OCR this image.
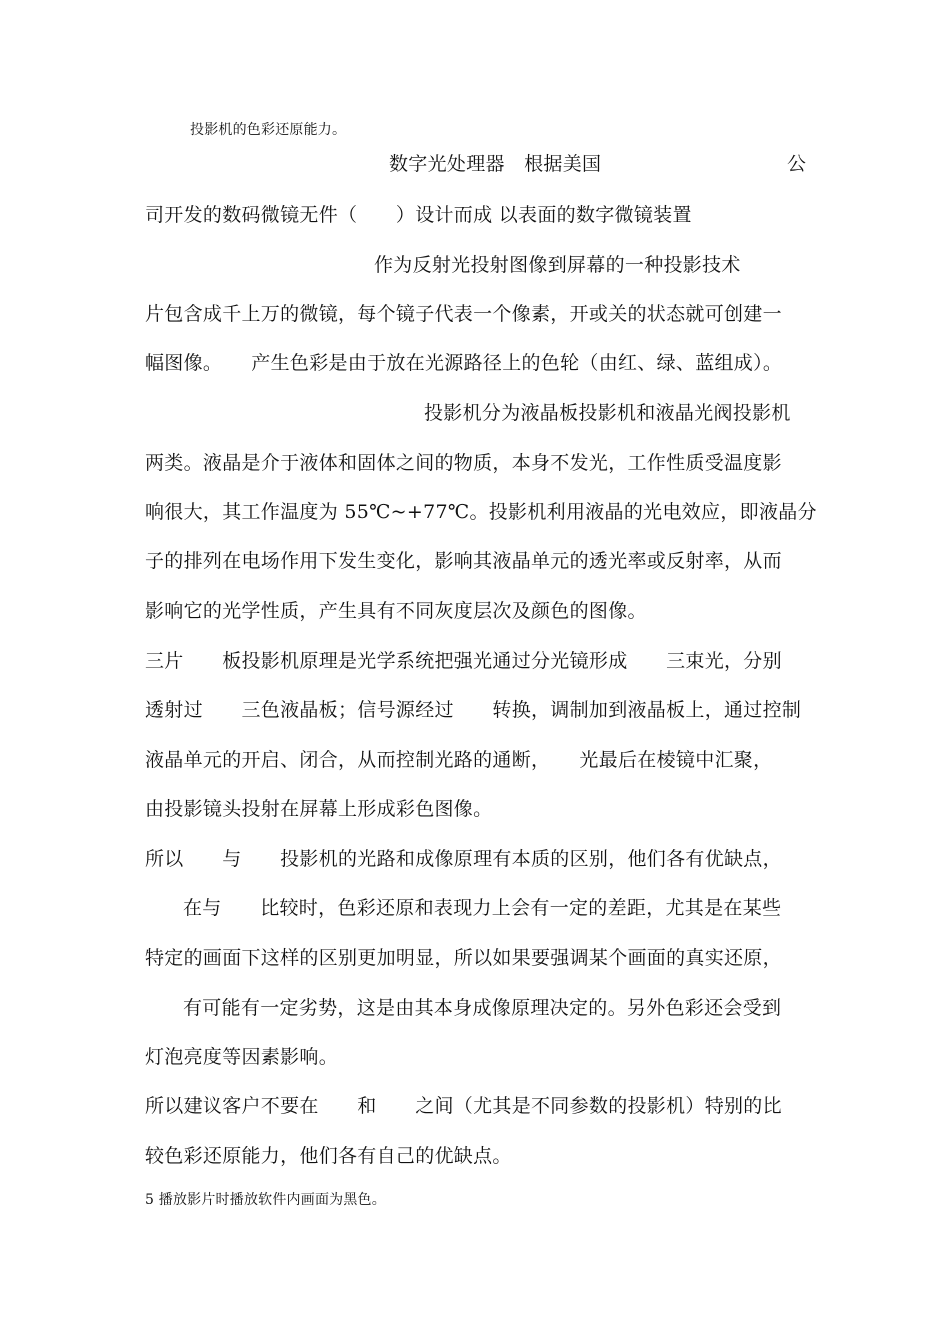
投影机的色彩还原能力。
数字光处理器　根据美国	公
司开发的数码微镜无件（　　）设计而成 以表面的数字微镜装置
作为反射光投射图像到屏幕的一种投影技术
片包含成千上万的微镜，每个镜子代表一个像素，开或关的状态就可创建一
幅图像。　　产生色彩是由于放在光源路径上的色轮（由红、绿、蓝组成）。
投影机分为液晶板投影机和液晶光阀投影机
两类。液晶是介于液体和固体之间的物质，本身不发光，工作性质受温度影
响很大，其工作温度为 55℃~+77℃。投影机利用液晶的光电效应，即液晶分
子的排列在电场作用下发生变化，影响其液晶单元的透光率或反射率，从而
影响它的光学性质，产生具有不同灰度层次及颜色的图像。
三片　　板投影机原理是光学系统把强光通过分光镜形成　　三束光，分别
透射过　　三色液晶板；信号源经过　　转换，调制加到液晶板上，通过控制
液晶单元的开启、闭合，从而控制光路的通断，　　光最后在棱镜中汇聚，
由投影镜头投射在屏幕上形成彩色图像。
所以　　与　　投影机的光路和成像原理有本质的区别，他们各有优缺点，
在与　　比较时，色彩还原和表现力上会有一定的差距，尤其是在某些
特定的画面下这样的区别更加明显，所以如果要强调某个画面的真实还原，
有可能有一定劣势，这是由其本身成像原理决定的。另外色彩还会受到
灯泡亮度等因素影响。
所以建议客户不要在　　和　　之间（尤其是不同参数的投影机）特别的比
较色彩还原能力，他们各有自己的优缺点。
5 播放影片时播放软件内画面为黑色。
